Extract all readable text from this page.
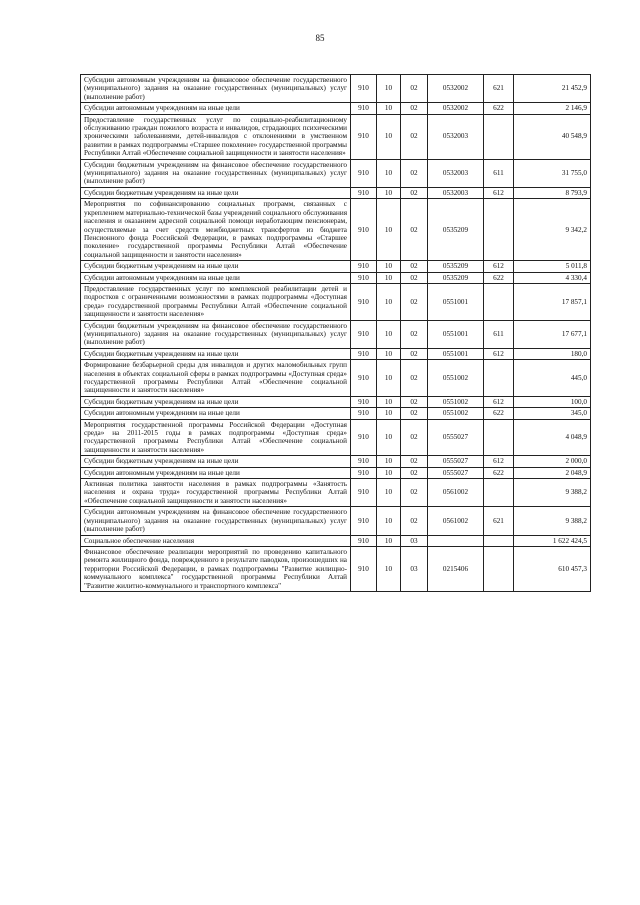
85
Субсидии автономным учреждениям на финансовое обеспечение государственного (муниципального) задания на оказание государственных (муниципальных) услуг (выполнение работ)	910	10	02	0532002	621	21 452,9
Субсидии автономным учреждениям на иные цели	910	10	02	0532002	622	2 146,9
Предоставление государственных услуг по социально-реабилитационному обслуживанию граждан пожилого возраста и инвалидов, страдающих психическими хроническими заболеваниями, детей-инвалидов с отклонениями в умственном развитии в рамках подпрограммы «Старшее поколение» государственной программы Республики Алтай «Обеспечение социальной защищенности и занятости населения»	910	10	02	0532003		40 548,9
Субсидии бюджетным учреждениям на финансовое обеспечение государственного (муниципального) задания на оказание государственных (муниципальных) услуг (выполнение работ)	910	10	02	0532003	611	31 755,0
Субсидии бюджетным учреждениям на иные цели	910	10	02	0532003	612	8 793,9
Мероприятия по софинансированию социальных программ, связанных с укреплением материально-технической базы учреждений социального обслуживания населения и оказанием адресной социальной помощи неработающим пенсионерам, осуществляемые за счет средств межбюджетных трансфертов из бюджета Пенсионного фонда Российской Федерации, в рамках подпрограммы «Старшее поколение» государственной программы Республики Алтай «Обеспечение социальной защищенности и занятости населения»	910	10	02	0535209		9 342,2
Субсидии бюджетным учреждениям на иные цели	910	10	02	0535209	612	5 011,8
Субсидии автономным учреждениям на иные цели	910	10	02	0535209	622	4 330,4
Предоставление государственных услуг по комплексной реабилитации детей и подростков с ограниченными возможностями в рамках подпрограммы «Доступная среда» государственной программы Республики Алтай «Обеспечение социальной защищенности и занятости населения»	910	10	02	0551001		17 857,1
Субсидии бюджетным учреждениям на финансовое обеспечение государственного (муниципального) задания на оказание государственных (муниципальных) услуг (выполнение работ)	910	10	02	0551001	611	17 677,1
Субсидии бюджетным учреждениям на иные цели	910	10	02	0551001	612	180,0
Формирование безбарьерной среды для инвалидов и других маломобильных групп населения в объектах социальной сферы в рамках подпрограммы «Доступная среда» государственной программы Республики Алтай «Обеспечение социальной защищенности и занятости населения»	910	10	02	0551002		445,0
Субсидии бюджетным учреждениям на иные цели	910	10	02	0551002	612	100,0
Субсидии автономным учреждениям на иные цели	910	10	02	0551002	622	345,0
Мероприятия государственной программы Российской Федерации «Доступная среда» на 2011-2015 годы в рамках подпрограммы «Доступная среда» государственной программы Республики Алтай «Обеспечение социальной защищенности и занятости населения»	910	10	02	0555027		4 048,9
Субсидии бюджетным учреждениям на иные цели	910	10	02	0555027	612	2 000,0
Субсидии автономным учреждениям на иные цели	910	10	02	0555027	622	2 048,9
Активная политика занятости населения в рамках подпрограммы «Занятость населения и охрана труда» государственной программы Республики Алтай «Обеспечение социальной защищенности и занятости населения»	910	10	02	0561002		9 388,2
Субсидии автономным учреждениям на финансовое обеспечение государственного (муниципального) задания на оказание государственных (муниципальных) услуг (выполнение работ)	910	10	02	0561002	621	9 388,2
Социальное обеспечение населения	910	10	03			1 622 424,5
Финансовое обеспечение реализации мероприятий по проведению капитального ремонта жилищного фонда, поврежденного в результате паводков, произошедших на территории Российской Федерации, в рамках подпрограммы "Развитие жилищно-коммунального комплекса" государственной программы Республики Алтай "Развитие жилитно-коммунального и транспортного комплекса"	910	10	03	0215406		610 457,3
